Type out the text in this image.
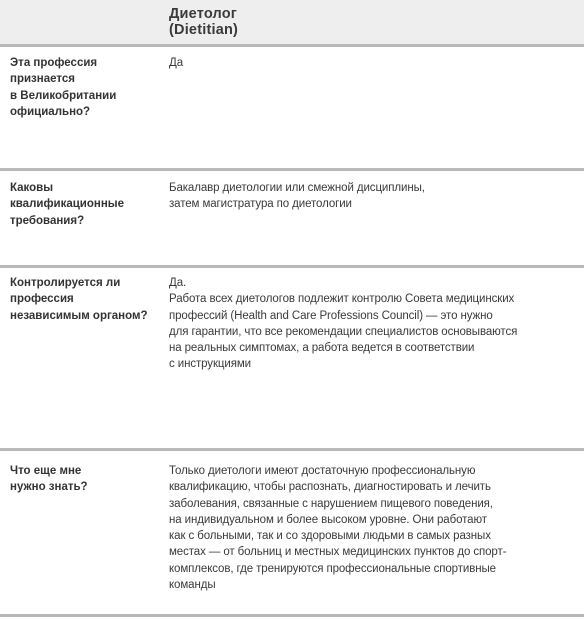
Диетолог
(Dietitian)
Эта профессия
признается
в Великобритании
официально?
Да
Каковы
квалификационные
требования?
Бакалавр диетологии или смежной дисциплины,
затем магистратура по диетологии
Контролируется ли
профессия
независимым органом?
Да.
Работа всех диетологов подлежит контролю Совета медицинских
профессий (Health and Care Professions Council) — это нужно
для гарантии, что все рекомендации специалистов основываются
на реальных симптомах, а работа ведется в соответствии
с инструкциями
Что еще мне
нужно знать?
Только диетологи имеют достаточную профессиональную
квалификацию, чтобы распознать, диагностировать и лечить
заболевания, связанные с нарушением пищевого поведения,
на индивидуальном и более высоком уровне. Они работают
как с больными, так и со здоровыми людьми в самых разных
местах — от больниц и местных медицинских пунктов до спорт-
комплексов, где тренируются профессиональные спортивные
команды
